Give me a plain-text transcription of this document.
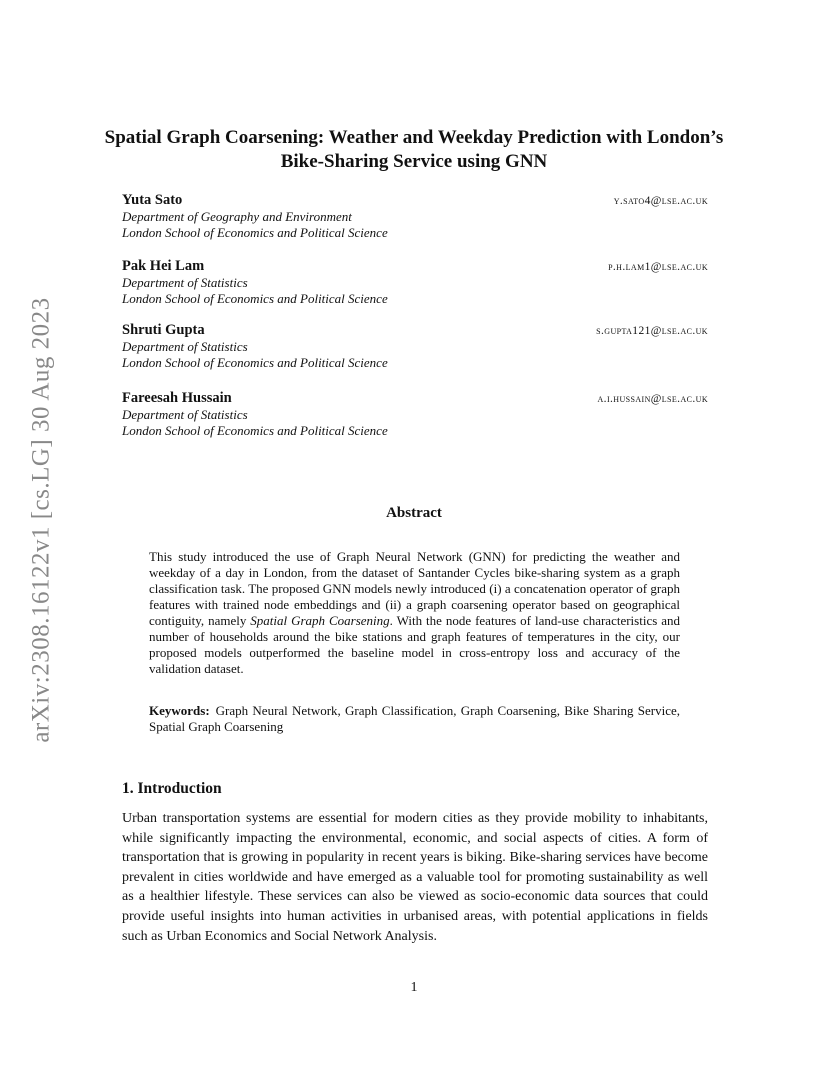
arXiv:2308.16122v1 [cs.LG] 30 Aug 2023
Spatial Graph Coarsening: Weather and Weekday Prediction with London’s Bike-Sharing Service using GNN
Yuta Sato	y.sato4@lse.ac.uk
Department of Geography and Environment
London School of Economics and Political Science
Pak Hei Lam	p.h.lam1@lse.ac.uk
Department of Statistics
London School of Economics and Political Science
Shruti Gupta	s.gupta121@lse.ac.uk
Department of Statistics
London School of Economics and Political Science
Fareesah Hussain	a.i.hussain@lse.ac.uk
Department of Statistics
London School of Economics and Political Science
Abstract

This study introduced the use of Graph Neural Network (GNN) for predicting the weather and weekday of a day in London, from the dataset of Santander Cycles bike-sharing system as a graph classification task. The proposed GNN models newly introduced (i) a concatenation operator of graph features with trained node embeddings and (ii) a graph coarsening operator based on geographical contiguity, namely Spatial Graph Coarsening. With the node features of land-use characteristics and number of households around the bike stations and graph features of temperatures in the city, our proposed models outperformed the baseline model in cross-entropy loss and accuracy of the validation dataset.

Keywords: Graph Neural Network, Graph Classification, Graph Coarsening, Bike Sharing Service, Spatial Graph Coarsening

1. Introduction

Urban transportation systems are essential for modern cities as they provide mobility to inhabitants, while significantly impacting the environmental, economic, and social aspects of cities. A form of transportation that is growing in popularity in recent years is biking. Bike-sharing services have become prevalent in cities worldwide and have emerged as a valuable tool for promoting sustainability as well as a healthier lifestyle. These services can also be viewed as socio-economic data sources that could provide useful insights into human activities in urbanised areas, with potential applications in fields such as Urban Economics and Social Network Analysis.

1
